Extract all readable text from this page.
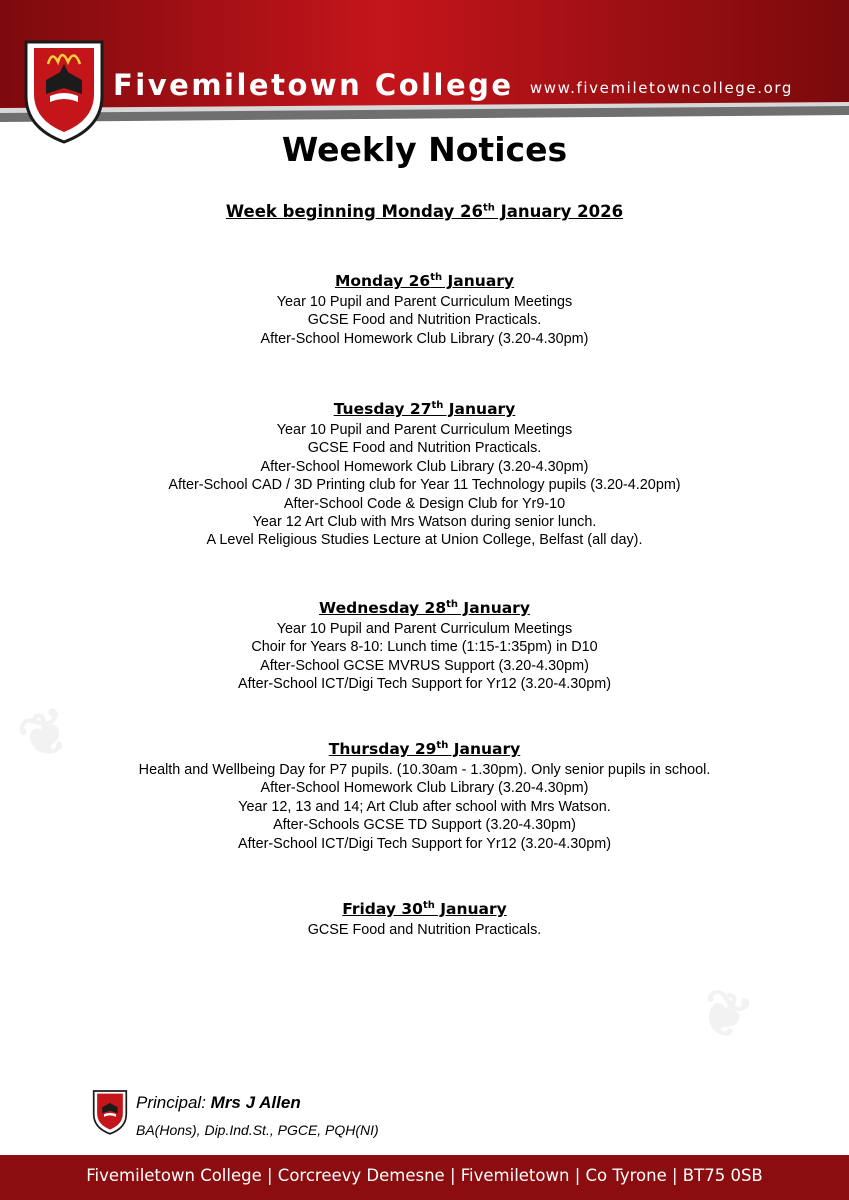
Fivemiletown College www.fivemiletowncollege.org
❦
❦
Weekly Notices
Week beginning Monday 26th January 2026
Monday 26th January
Year 10 Pupil and Parent Curriculum Meetings
GCSE Food and Nutrition Practicals.
After-School Homework Club Library (3.20-4.30pm)
Tuesday 27th January
Year 10 Pupil and Parent Curriculum Meetings
GCSE Food and Nutrition Practicals.
After-School Homework Club Library (3.20-4.30pm)
After-School CAD / 3D Printing club for Year 11 Technology pupils (3.20-4.20pm)
After-School Code & Design Club for Yr9-10
Year 12 Art Club with Mrs Watson during senior lunch.
A Level Religious Studies Lecture at Union College, Belfast (all day).
Wednesday 28th January
Year 10 Pupil and Parent Curriculum Meetings
Choir for Years 8-10: Lunch time (1:15-1:35pm) in D10
After-School GCSE MVRUS Support (3.20-4.30pm)
After-School ICT/Digi Tech Support for Yr12 (3.20-4.30pm)
Thursday 29th January
Health and Wellbeing Day for P7 pupils. (10.30am - 1.30pm). Only senior pupils in school.
After-School Homework Club Library (3.20-4.30pm)
Year 12, 13 and 14; Art Club after school with Mrs Watson.
After-Schools GCSE TD Support (3.20-4.30pm)
After-School ICT/Digi Tech Support for Yr12 (3.20-4.30pm)
Friday 30th January
GCSE Food and Nutrition Practicals.
Principal: Mrs J Allen
BA(Hons), Dip.Ind.St., PGCE, PQH(NI)
Fivemiletown College | Corcreevy Demesne | Fivemiletown | Co Tyrone | BT75 0SB
